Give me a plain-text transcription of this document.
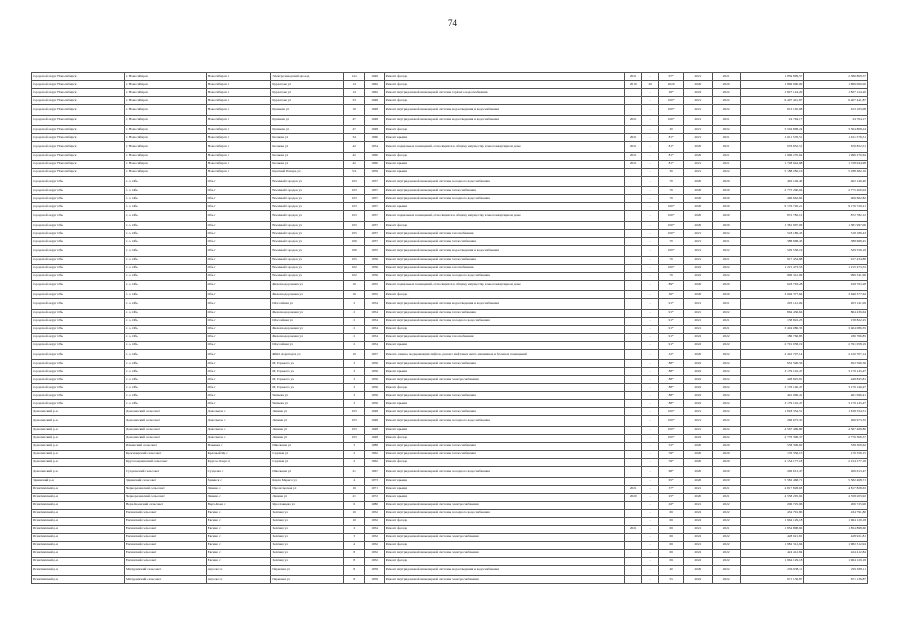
74
городской округ Новосибирск	г. Новосибирск	Новосибирск г	Электрозаводский проезд	12а	1949	Ремонт фасада	2021	-	97*	2021	2021	1 859 809,57	2 589 809,57
городской округ Новосибирск	г. Новосибирск	Новосибирск г	Курчатова ул	14	1962	Ремонт фасада	2019	20	2020	2020	2020	1 899 090,00	1 899 090,00
городской округ Новосибирск	г. Новосибирск	Новосибирск г	Курчатова ул	14	1962	Ремонт внутридомовой инженерной системы горячего водоснабжения		-	36*	2022	2022	1 827 124,20	1 827 124,20
городской округ Новосибирск	г. Новосибирск	Новосибирск г	Курчатова ул	33	1948	Ремонт фасада		-	100*	2021	2022	6 407 441,87	6 407 441,87
городской округ Новосибирск	г. Новосибирск	Новосибирск г	Кушнева ул	16	1948	Ремонт внутридомовой инженерной системы водоотведения и водоснабжения		-	100*	2021	2022	613 165,08	613 165,08
городской округ Новосибирск	г. Новосибирск	Новосибирск г	Кушнева ул	47	1948	Ремонт внутридомовой инженерной системы водоотведения и водоснабжения	2021	-	100*	2021	2021	24 764,17	24 764,17
городской округ Новосибирск	г. Новосибирск	Новосибирск г	Кушнева ул	47	1948	Ремонт фасада		-	30	2021	2022	3 504 808,24	3 504 808,24
городской округ Новосибирск	г. Новосибирск	Новосибирск г	Кочнева ул	34	1960	Ремонт крыши	2021	-	81*	2021	2021	1 611 576,51	1 611 576,51
городской округ Новосибирск	г. Новосибирск	Новосибирск г	Кочнева ул	42	1954	Ремонт подвальных помещений, относящихся к общему имуществу в многоквартирном доме	2021	-	81*	2020	2021	676 852,51	676 852,51
городской округ Новосибирск	г. Новосибирск	Новосибирск г	Кочнева ул	42	1960	Ремонт фасада	2021	-	81*	2020	2021	1 996 270,64	1 996 270,64
городской округ Новосибирск	г. Новосибирск	Новосибирск г	Кочнева ул	42	1960	Ремонт крыши	2021	-	81*	2021	2021	1 728 944,98	1 728 944,98
городской округ Новосибирск	г. Новосибирск	Новосибирск г	Красный Пахарь ул	5/2	1959	Ремонт крыши		-	30	2021	2022	5 188 282,16	5 188 282,16
городской округ Обь	г. о. Обь	Обь г	Военный городок ул	103	1937	Ремонт внутридомовой инженерной системы холодного водоснабжения		-	70	2020	2020	402 149,40	402 149,40
городской округ Обь	г. о. Обь	Обь г	Военный городок ул	103	1937	Ремонт внутридомовой инженерной системы теплоснабжения		-	70	2020	2020	2 775 200,04	2 775 200,04
городской округ Обь	г. о. Обь	Обь г	Военный городок ул	103	1937	Ремонт внутридомовой инженерной системы холодного водоснабжения		-	70	2020	2020	406 662,82	406 662,82
городской округ Обь	г. о. Обь	Обь г	Военный городок ул	103	1937	Ремонт крыши		-	100*	2020	2020	9 176 720,21	9 176 720,21
городской округ Обь	г. о. Обь	Обь г	Военный городок ул	103	1937	Ремонт подвальных помещений, относящихся к общему имуществу в многоквартирном доме		-	100*	2020	2020	872 782,12	872 782,12
городской округ Обь	г. о. Обь	Обь г	Военный городок ул	103	1937	Ремонт фасада		-	100*	2020	2020	1 381 997,06	1 381 997,06
городской округ Обь	г. о. Обь	Обь г	Военный городок ул	105	1937	Ремонт внутридомовой инженерной системы газоснабжения		-	100*	2021	2022	518 189,43	518 189,43
городской округ Обь	г. о. Обь	Обь г	Военный городок ул	106	1937	Ремонт внутридомовой инженерной системы теплоснабжения		-	70	2021	2021	388 668,45	388 668,45
городской округ Обь	г. о. Обь	Обь г	Военный городок ул	106	1935	Ремонт внутридомовой инженерной системы водоотведения и водоснабжения		-	100*	2021	2022	529 556,19	529 556,19
городской округ Обь	г. о. Обь	Обь г	Военный городок ул	105	1936	Ремонт внутридомовой инженерной системы теплоснабжения		-	70	2021	2021	917 434,88	917 434,88
городской округ Обь	г. о. Обь	Обь г	Военный городок ул	102	1936	Ремонт внутридомовой инженерной системы газоснабжения		-	100*	2022	2022	1 215 473,53	1 215 473,53
городской округ Обь	г. о. Обь	Обь г	Военный городок ул	102	1936	Ремонт внутридомовой инженерной системы холодного водоснабжения		-	70	2022	2022	996 341,96	996 341,96
городской округ Обь	г. о. Обь	Обь г	Железнодорожная ул	16	1955	Ремонт подвальных помещений, относящихся к общему имуществу в многоквартирном доме		-	89*	2020	2020	618 763,28	618 763,28
городской округ Обь	г. о. Обь	Обь г	Железнодорожная ул	16	1955	Ремонт фасада		-	36*	2020	2020	3 649 377,64	3 649 377,64
городской округ Обь	г. о. Обь	Обь г	Шоссейная ул	2	1954	Ремонт внутридомовой инженерной системы водоотведения и водоснабжения		-	91*	2021	2021	203 141,09	203 141,09
городской округ Обь	г. о. Обь	Обь г	Железнодорожная ул	2	1954	Ремонт внутридомовой инженерной системы теплоснабжения		-	91*	2021	2022	864 436,64	864 436,64
городской округ Обь	г. о. Обь	Обь г	Шоссейная ул	2	1954	Ремонт внутридомовой инженерной системы холодного водоснабжения		-	91*	2021	2021	158 822,25	158 822,25
городской округ Обь	г. о. Обь	Обь г	Железнодорожная ул	2	1954	Ремонт фасада		-	91*	2021	2021	3 404 086,35	3 404 086,35
городской округ Обь	г. о. Обь	Обь г	Железнодорожная ул	2	1954	Ремонт внутридомовой инженерной системы газоснабжения		-	91*	2022	2022	186 766,85	186 766,85
городской округ Обь	г. о. Обь	Обь г	Шоссейная ул	2	1954	Ремонт крыши		-	91*	2022	2022	2 701 058,19	2 761 058,19
городской округ Обь	г. о. Обь	Обь г	ЖКО Аэропорта ул	10	1957	Ремонт, замена, модернизация лифтов, ремонт лифтовых шахт, машинных и блочных помещений		-	32*	2020	2022	2 410 707,14	2 410 707,14
городской округ Обь	г. о. Обь	Обь г	М. Горького ул	3	1956	Ремонт внутридомовой инженерной системы теплоснабжения		-	88*	2022	2022	652 596,56	652 596,56
городской округ Обь	г. о. Обь	Обь г	М. Горького ул	3	1956	Ремонт крыши		-	88*	2022	2022	3 179 145,47	3 179 145,47
городской округ Обь	г. о. Обь	Обь г	М. Горького ул	3	1956	Ремонт внутридомовой инженерной системы электроснабжения		-	88*	2022	2022	448 845,81	448 845,81
городской округ Обь	г. о. Обь	Обь г	М. Горького ул	3	1956	Ремонт фасада		-	88*	2022	2022	3 176 140,47	3 176 140,47
городской округ Обь	г. о. Обь	Обь г	Чапаева ул	3	1956	Ремонт внутридомовой инженерной системы теплоснабжения		-	88*	2022	2022	461 096,41	461 096,41
городской округ Обь	г. о. Обь	Обь г	Чапаева ул	3	1956	Ремонт крыши		-	88*	2022	2022	3 179 145,47	3 179 145,47
Доволенский р-н	Доволенский сельсовет	Довольное с	Ленина ул	103	1948	Ремонт внутридомовой инженерной системы теплоснабжения		-	100*	2021	2022	1 818 354,51	1 818 354,51
Доволенский р-н	Доволенский сельсовет	Довольное с	Ленина ул	103	1948	Ремонт внутридомовой инженерной системы холодного водоснабжения		-	100*	2021	2022	266 673,35	266 673,35
Доволенский р-н	Доволенский сельсовет	Довольное с	Ленина ул	103	1948	Ремонт крыши		-	100*	2021	2022	4 567 469,80	4 567 469,80
Доволенский р-н	Доволенский сельсовет	Довольное с	Ленина ул	103	1948	Ремонт фасада		-	100*	2022	2022	2 776 306,37	2 776 306,37
Доволенский р-н	Ильинский сельсовет	Ильинка с	Школьная ул	3	1988	Ремонт внутридомовой инженерной системы теплоснабжения		-	52*	2020	2020	538 309,62	538 309,62
Доволенский р-н	Красноярский сельсовет	Красный Яр с	Садовая ул	2	1962	Ремонт внутридомовой инженерной системы теплоснабжения		-	59*	2020	2020	176 356,15	176 356,15
Доволенский р-н	Кругоозерненский сельсовет	Кругое Озеро п	Садовая ул	2	1962	Ремонт фасада		-	59*	2020	2020	2 154 177,18	2 154 177,18
Доволенский р-н	Суздальский сельсовет	Суздалка с	Школьная ул	21	1967	Ремонт внутридомовой инженерной системы холодного водоснабжения		-	68*	2020	2020	206 613,47	206 613,47
Здвинский р-н	Здвинский сельсовет	Здвинск с	Карла Маркса ул	4	1973	Ремонт крыши		-	65*	2020	2020	5 582 468,71	5 582 468,71
Искитимский р-н	Чернореченский сельсовет	Линево с	Пролетарская ул	16	1971	Ремонт крыши	2021	-	37*	2021	2021	4 817 828,63	4 817 828,63
Искитимский р-н	Чернореченский сельсовет	Линево с	Ленина ул	21	1972	Ремонт крыши	2020	-	25*	2020	2021	4 558 205,92	4 558 205,92
Искитимский р-н	Верх-Коенский сельсовет	Верх-Коен с	Ярославцева ул	6	1980	Ремонт внутридомовой инженерной системы электроснабжения		-	26*	2021	2022	206 725,96	206 725,96
Искитимский р-н	Евсинский сельсовет	Евсино с	Зелёная ул	10	1952	Ремонт внутридомовой инженерной системы холодного водоснабжения		-	69	2022	2022	434 791,80	434 791,80
Искитимский р-н	Евсинский сельсовет	Евсино с	Зелёная ул	10	1952	Ремонт фасада		-	69	2022	2022	1 964 129,18	1 964 129,18
Искитимский р-н	Евсинский сельсовет	Евсино с	Зелёная ул	2	1954	Ремонт фасада	2021	-	69	2021	2021	1 854 898,60	1 854 898,60
Искитимский р-н	Евсинский сельсовет	Евсино с	Зелёная ул	3	1952	Ремонт внутридомовой инженерной системы электроснабжения		-	69	2022	2022	428 921,81	428 921,81
Искитимский р-н	Евсинский сельсовет	Евсино с	Зелёная ул	4	1952	Ремонт фасада		-	69	2021	2022	1 982 312,94	1 982 312,94
Искитимский р-н	Евсинский сельсовет	Евсино с	Зелёная ул	8	1952	Ремонт внутридомовой инженерной системы электроснабжения		-	69	2022	2022	424 412,84	424 412,84
Искитимский р-н	Евсинский сельсовет	Евсино с	Зелёная ул	8	1952	Ремонт фасада		-	69	2022	2022	1 964 129,18	1 964 129,18
Искитимский р-н	Мичуринский сельсовет	Агролес п	Парковая ул	8	1959	Ремонт внутридомовой инженерной системы водоотведения и водоснабжения		-	40	2020	2022	256 638,11	256 638,11
Искитимский р-н	Мичуринский сельсовет	Агролес п	Парковая ул	8	1959	Ремонт внутридомовой инженерной системы электроснабжения		-	55	2022	2022	671 136,87	671 136,87
